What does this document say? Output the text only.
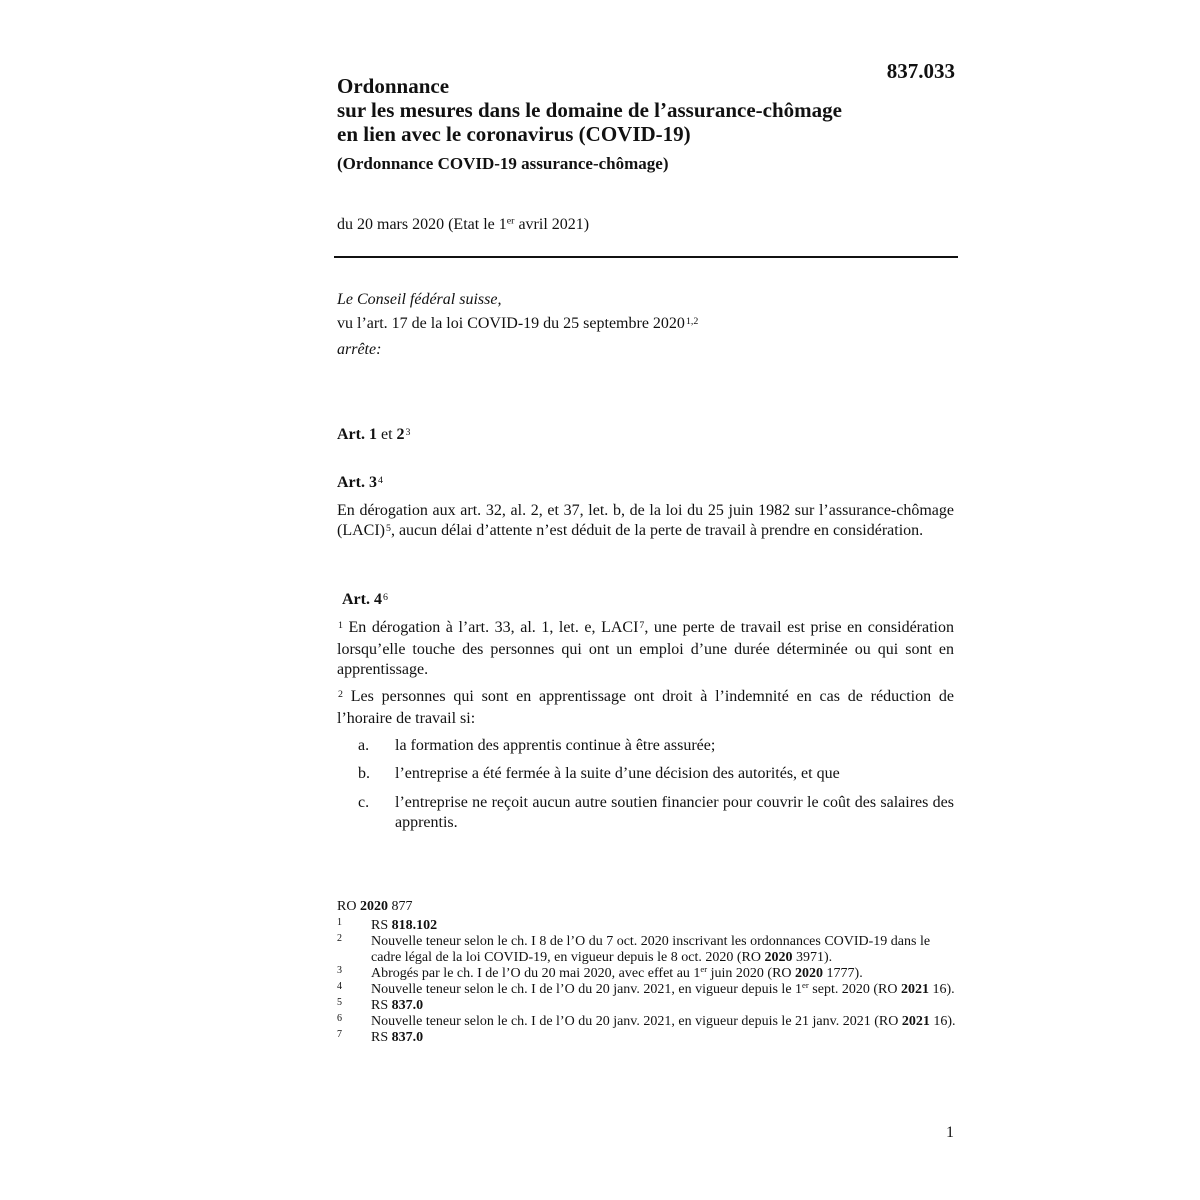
837.033
Ordonnance
sur les mesures dans le domaine de l’assurance-chômage
en lien avec le coronavirus (COVID-19)
(Ordonnance COVID-19 assurance-chômage)
du 20 mars 2020 (Etat le 1er avril 2021)
Le Conseil fédéral suisse,
vu l’art. 17 de la loi COVID-19 du 25 septembre 2020$^{1,2}$
arrête:
Art. 1 et $2^3$
Art. $3^4$
En dérogation aux art. 32, al. 2, et 37, let. b, de la loi du 25 juin 1982 sur l’assurance-chômage (LACI)$^5$, aucun délai d’attente n’est déduit de la perte de travail à prendre en considération.
Art. $4^6$
$^1$ En dérogation à l’art. 33, al. 1, let. e, LACI$^7$, une perte de travail est prise en considération lorsqu’elle touche des personnes qui ont un emploi d’une durée déterminée ou qui sont en apprentissage.
$^2$ Les personnes qui sont en apprentissage ont droit à l’indemnité en cas de réduction de l’horaire de travail si:
a.	la formation des apprentis continue à être assurée;
b.	l’entreprise a été fermée à la suite d’une décision des autorités, et que
c.	l’entreprise ne reçoit aucun autre soutien financier pour couvrir le coût des salaires des apprentis.
RO 2020 877
1 RS 818.102
2 Nouvelle teneur selon le ch. I 8 de l’O du 7 oct. 2020 inscrivant les ordonnances COVID-19 dans le cadre légal de la loi COVID-19, en vigueur depuis le 8 oct. 2020 (RO 2020 3971).
3 Abrogés par le ch. I de l’O du 20 mai 2020, avec effet au 1er juin 2020 (RO 2020 1777).
4 Nouvelle teneur selon le ch. I de l’O du 20 janv. 2021, en vigueur depuis le 1er sept. 2020 (RO 2021 16).
5 RS 837.0
6 Nouvelle teneur selon le ch. I de l’O du 20 janv. 2021, en vigueur depuis le 21 janv. 2021 (RO 2021 16).
7 RS 837.0
1
